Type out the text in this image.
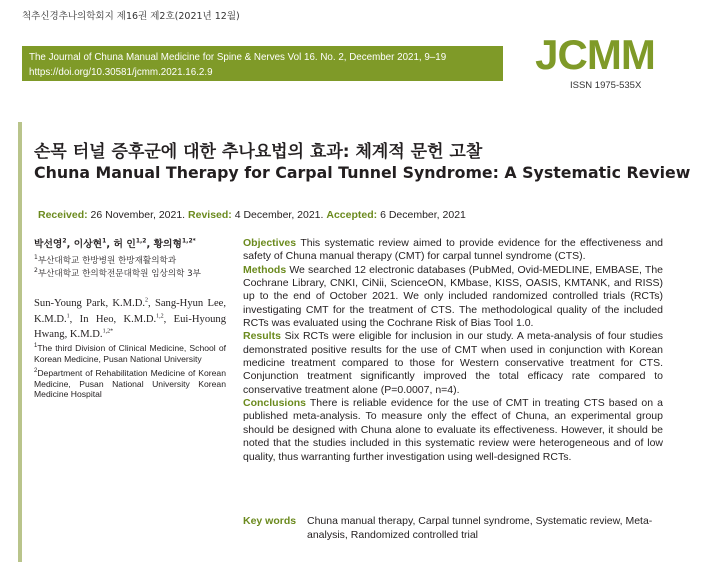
척추신경추나의학회지 제16권 제2호(2021년 12월)
The Journal of Chuna Manual Medicine for Spine & Nerves Vol 16. No. 2, December 2021, 9–19
https://doi.org/10.30581/jcmm.2021.16.2.9	JCMM
ISSN 1975-535X
손목 터널 증후군에 대한 추나요법의 효과: 체계적 문헌 고찰
Chuna Manual Therapy for Carpal Tunnel Syndrome: A Systematic Review
Received: 26 November, 2021. Revised: 4 December, 2021. Accepted: 6 December, 2021
박선영$^2$, 이상현$^1$, 허 인$^{1,2}$, 황의형$^{1,2*}$
$^1$부산대학교 한방병원 한방재활의학과
$^2$부산대학교 한의학전문대학원 임상의학 3부
Sun-Young Park, K.M.D.$^2$, Sang-Hyun Lee, K.M.D.$^1$, In Heo, K.M.D.$^{1,2}$, Eui-Hyoung Hwang, K.M.D.$^{1,2*}$
$^1$The third Division of Clinical Medicine, School of Korean Medicine, Pusan National University
$^2$Department of Rehabilitation Medicine of Korean Medicine, Pusan National University Korean Medicine Hospital
Objectives This systematic review aimed to provide evidence for the effectiveness and safety of Chuna manual therapy (CMT) for carpal tunnel syndrome (CTS).
Methods We searched 12 electronic databases (PubMed, Ovid-MEDLINE, EMBASE, The Cochrane Library, CNKI, CiNii, ScienceON, KMbase, KISS, OASIS, KMTANK, and RISS) up to the end of October 2021. We only included randomized controlled trials (RCTs) investigating CMT for the treatment of CTS. The methodological quality of the included RCTs was evaluated using the Cochrane Risk of Bias Tool 1.0.
Results Six RCTs were eligible for inclusion in our study. A meta-analysis of four studies demonstrated positive results for the use of CMT when used in conjunction with Korean medicine treatment compared to those for Western conservative treatment for CTS. Conjunction treatment significantly improved the total efficacy rate compared to conservative treatment alone (P=0.0007, n=4).
Conclusions There is reliable evidence for the use of CMT in treating CTS based on a published meta-analysis. To measure only the effect of Chuna, an experimental group should be designed with Chuna alone to evaluate its effectiveness. However, it should be noted that the studies included in this systematic review were heterogeneous and of low quality, thus warranting further investigation using well-designed RCTs.
Key words Chuna manual therapy, Carpal tunnel syndrome, Systematic review, Meta-analysis, Randomized controlled trial
